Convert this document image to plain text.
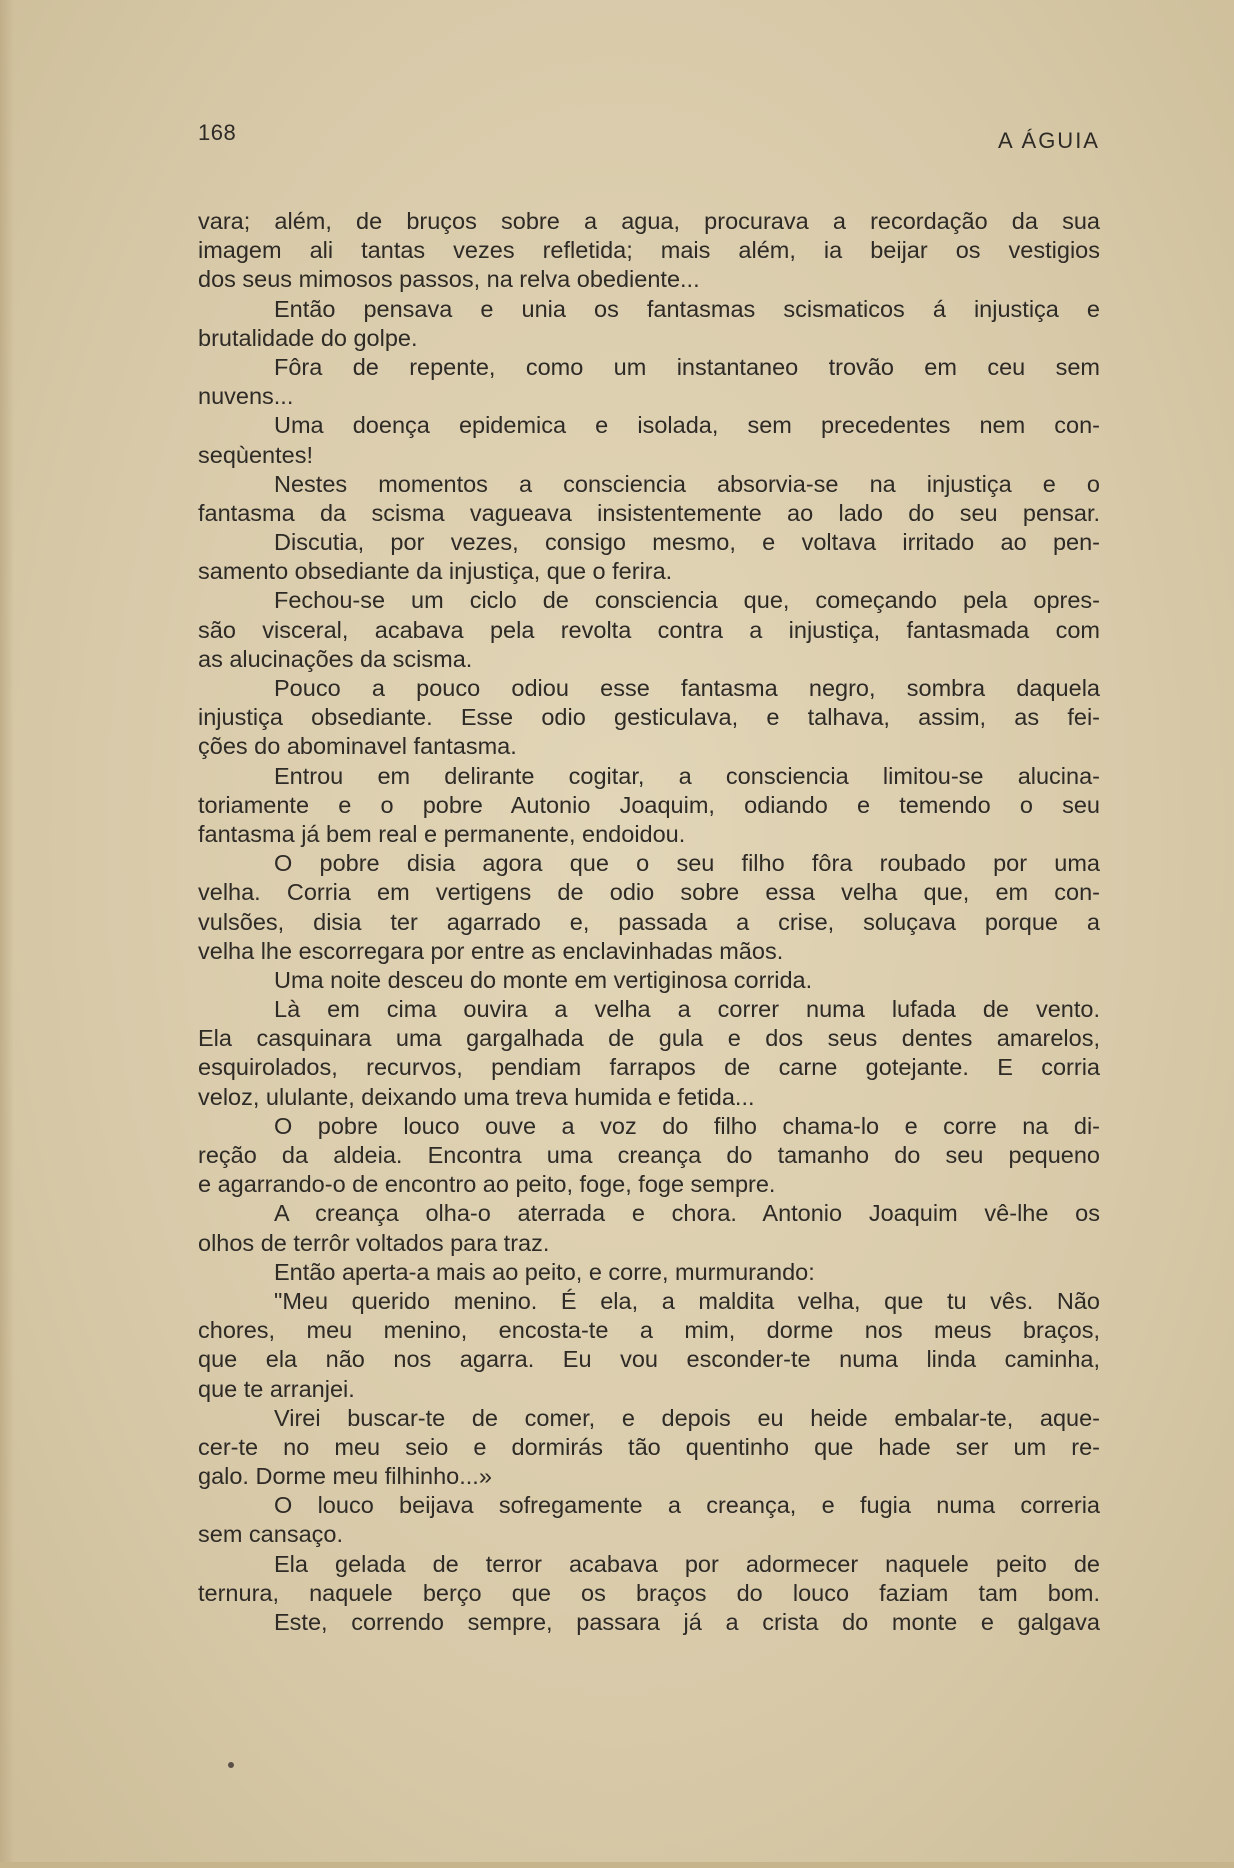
168	A ÁGUIA
vara; além, de bruços sobre a agua, procurava a recordação da sua
imagem ali tantas vezes refletida; mais além, ia beijar os vestigios
dos seus mimosos passos, na relva obediente...
Então pensava e unia os fantasmas scismaticos á injustiça e
brutalidade do golpe.
Fôra de repente, como um instantaneo trovão em ceu sem
nuvens...
Uma doença epidemica e isolada, sem precedentes nem con-
seqùentes!
Nestes momentos a consciencia absorvia-se na injustiça e o
fantasma da scisma vagueava insistentemente ao lado do seu pensar.
Discutia, por vezes, consigo mesmo, e voltava irritado ao pen-
samento obsediante da injustiça, que o ferira.
Fechou-se um ciclo de consciencia que, começando pela opres-
são visceral, acabava pela revolta contra a injustiça, fantasmada com
as alucinações da scisma.
Pouco a pouco odiou esse fantasma negro, sombra daquela
injustiça obsediante. Esse odio gesticulava, e talhava, assim, as fei-
ções do abominavel fantasma.
Entrou em delirante cogitar, a consciencia limitou-se alucina-
toriamente e o pobre Autonio Joaquim, odiando e temendo o seu
fantasma já bem real e permanente, endoidou.
O pobre disia agora que o seu filho fôra roubado por uma
velha. Corria em vertigens de odio sobre essa velha que, em con-
vulsões, disia ter agarrado e, passada a crise, soluçava porque a
velha lhe escorregara por entre as enclavinhadas mãos.
Uma noite desceu do monte em vertiginosa corrida.
Là em cima ouvira a velha a correr numa lufada de vento.
Ela casquinara uma gargalhada de gula e dos seus dentes amarelos,
esquirolados, recurvos, pendiam farrapos de carne gotejante. E corria
veloz, ululante, deixando uma treva humida e fetida...
O pobre louco ouve a voz do filho chama-lo e corre na di-
reção da aldeia. Encontra uma creança do tamanho do seu pequeno
e agarrando-o de encontro ao peito, foge, foge sempre.
A creança olha-o aterrada e chora. Antonio Joaquim vê-lhe os
olhos de terrôr voltados para traz.
Então aperta-a mais ao peito, e corre, murmurando:
"Meu querido menino. É ela, a maldita velha, que tu vês. Não
chores, meu menino, encosta-te a mim, dorme nos meus braços,
que ela não nos agarra. Eu vou esconder-te numa linda caminha,
que te arranjei.
Virei buscar-te de comer, e depois eu heide embalar-te, aque-
cer-te no meu seio e dormirás tão quentinho que hade ser um re-
galo. Dorme meu filhinho...»
O louco beijava sofregamente a creança, e fugia numa correria
sem cansaço.
Ela gelada de terror acabava por adormecer naquele peito de
ternura, naquele berço que os braços do louco faziam tam bom.
Este, correndo sempre, passara já a crista do monte e galgava
